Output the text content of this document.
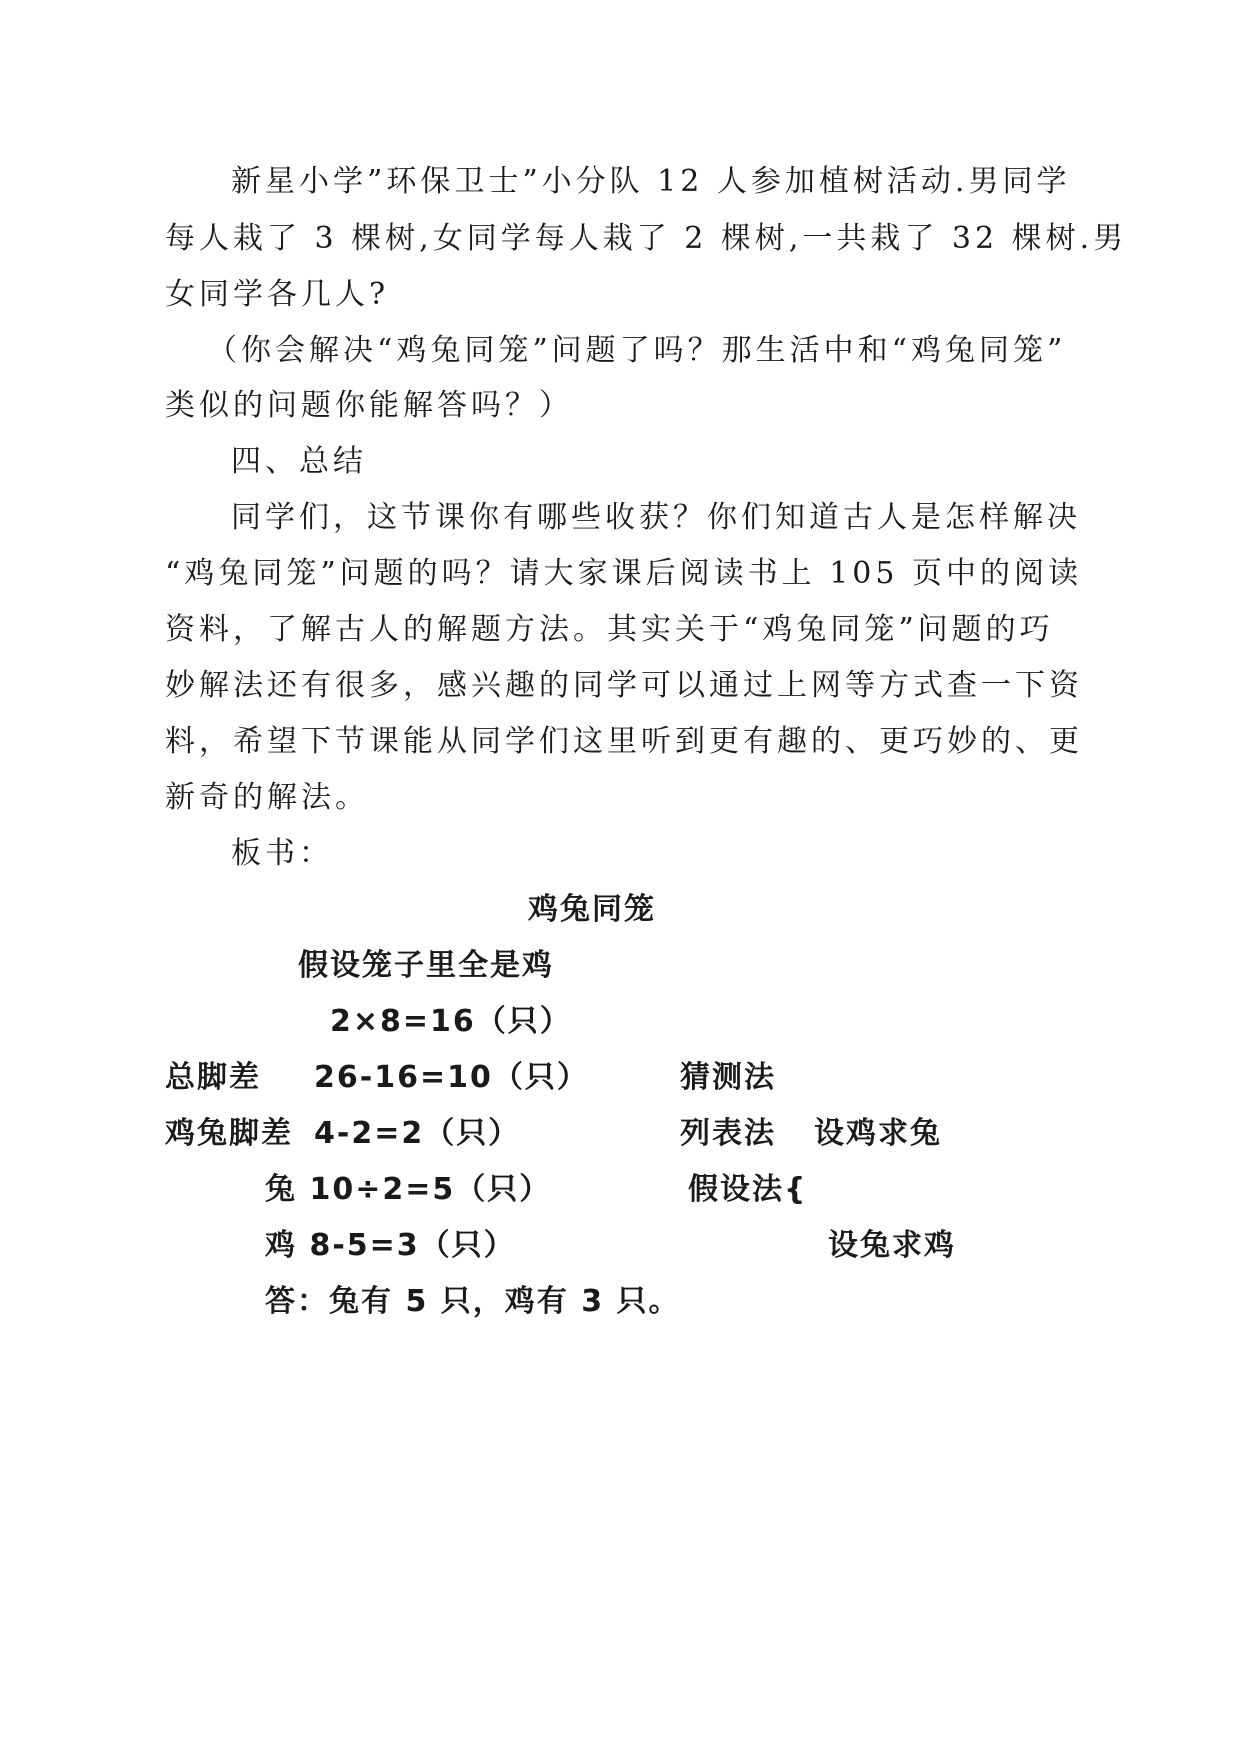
新星小学”环保卫士”小分队 12 人参加植树活动.男同学
每人栽了 3 棵树,女同学每人栽了 2 棵树,一共栽了 32 棵树.男
女同学各几人?
（你会解决“鸡兔同笼”问题了吗？那生活中和“鸡兔同笼”
类似的问题你能解答吗？）
四、总结
同学们，这节课你有哪些收获？你们知道古人是怎样解决
“鸡兔同笼”问题的吗？请大家课后阅读书上 105 页中的阅读
资料，了解古人的解题方法。其实关于“鸡兔同笼”问题的巧
妙解法还有很多，感兴趣的同学可以通过上网等方式查一下资
料，希望下节课能从同学们这里听到更有趣的、更巧妙的、更
新奇的解法。
板书：
鸡兔同笼
假设笼子里全是鸡
2×8=16（只）
总脚差 26-16=10（只）	猜测法
鸡兔脚差 4-2=2（只）	列表法 设鸡求兔
兔 10÷2=5（只）	假设法{
鸡 8-5=3（只）	设兔求鸡
答：兔有 5 只，鸡有 3 只。
